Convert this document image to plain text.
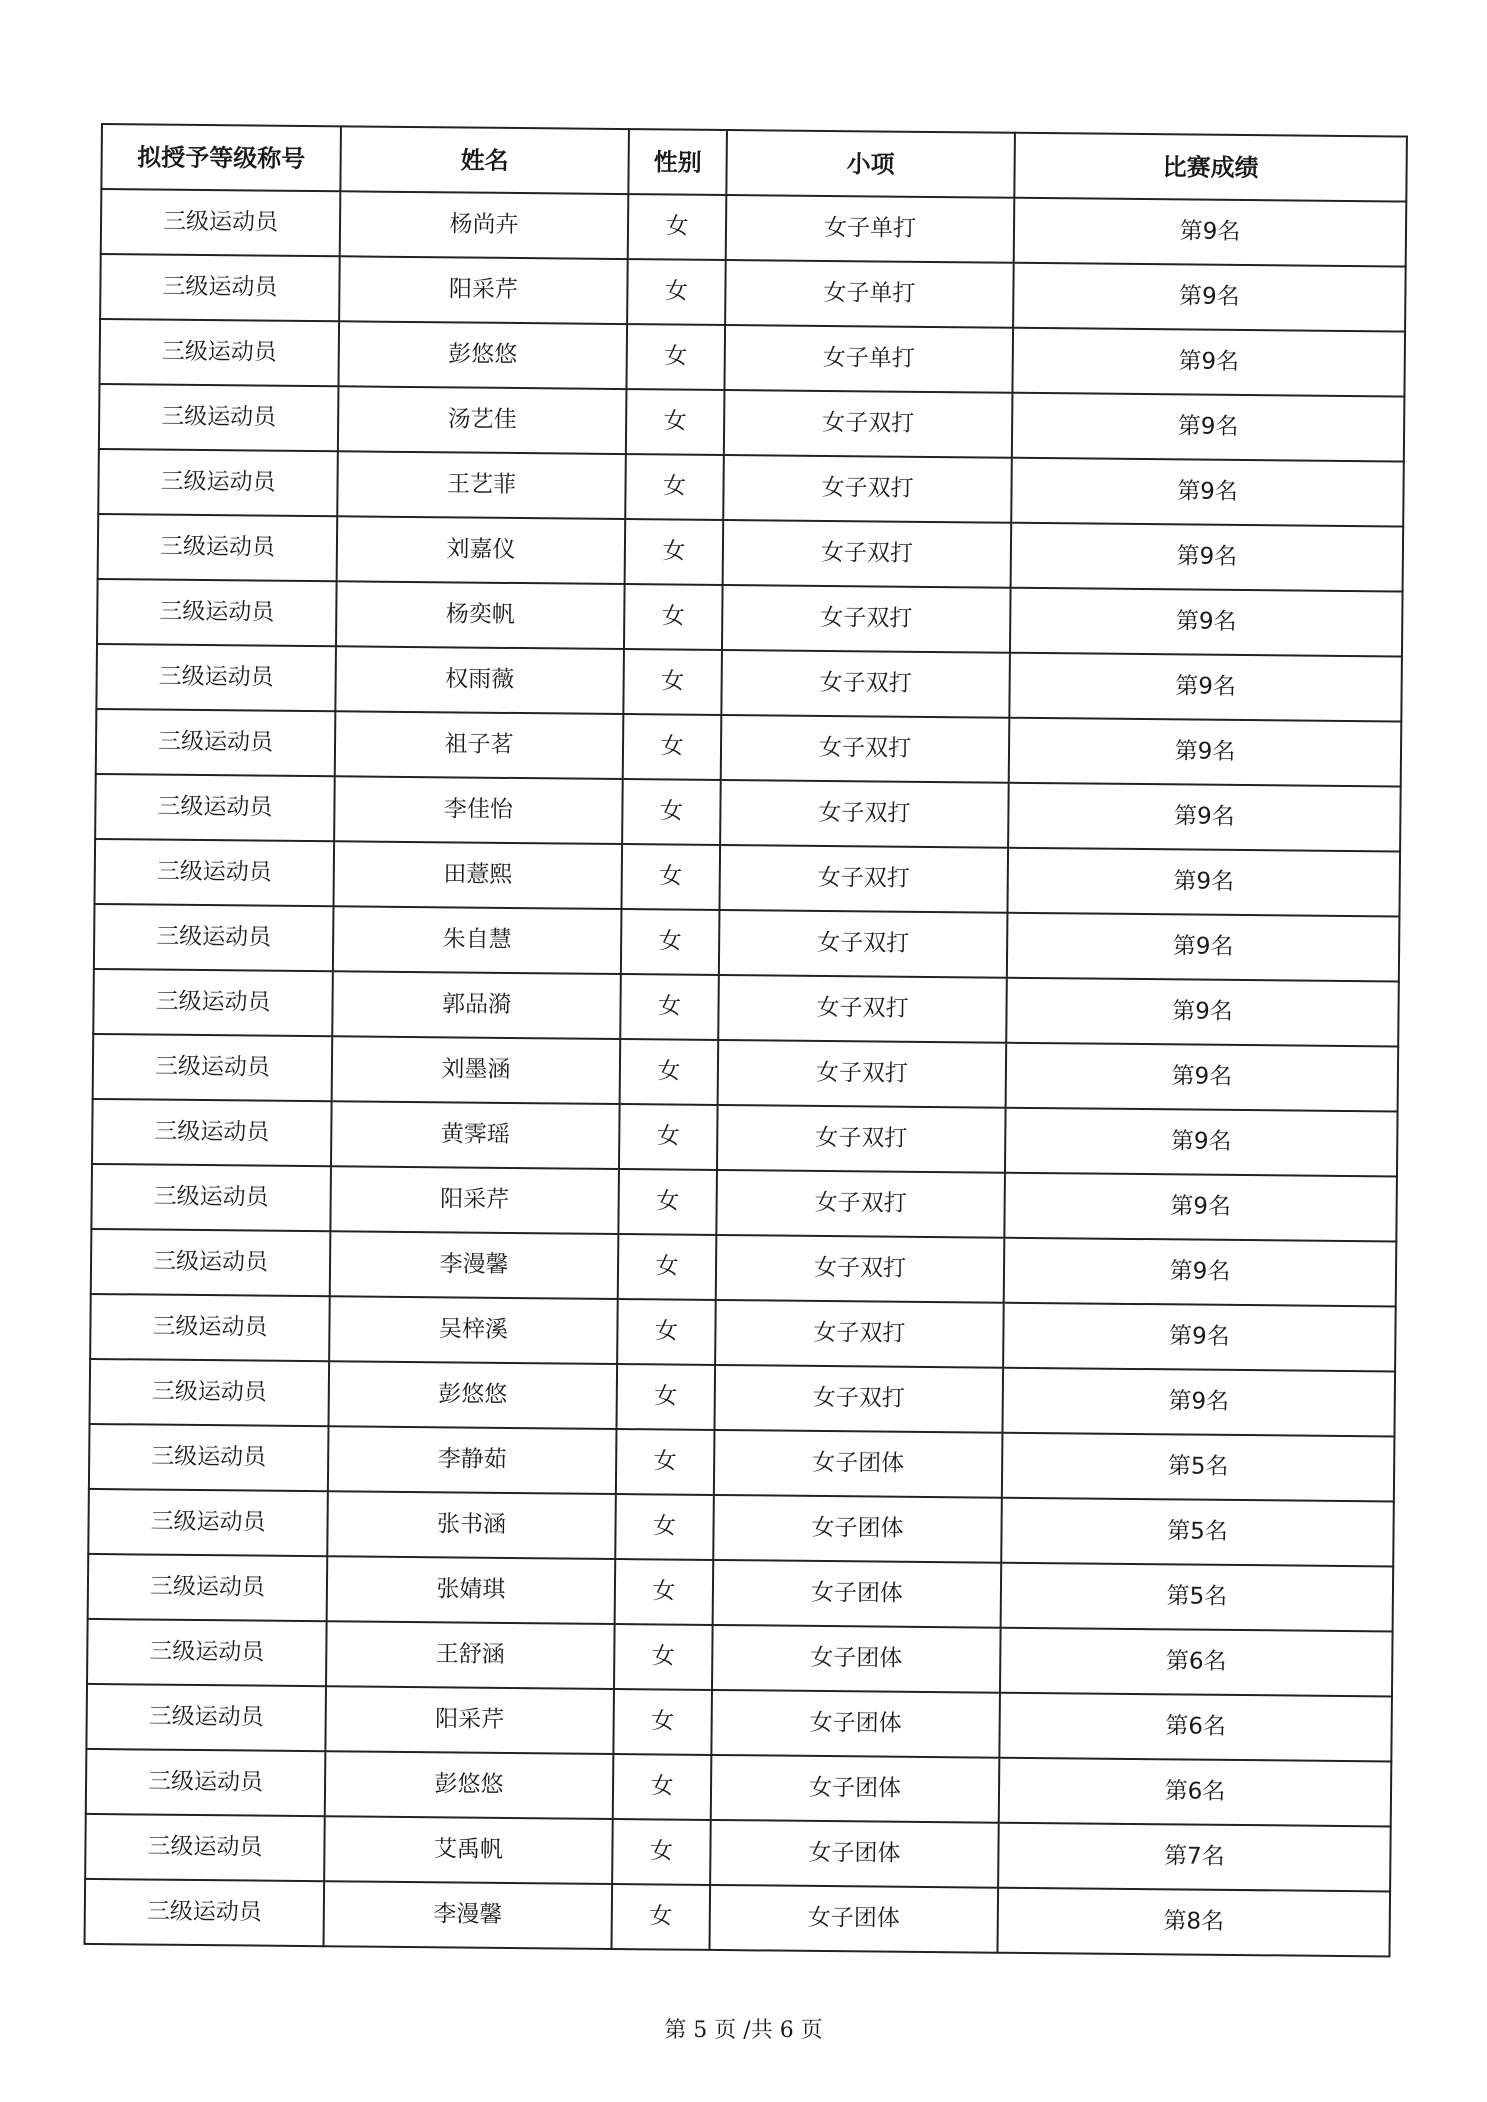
拟授予等级称号	姓名	性别	小项	比赛成绩
三级运动员	杨尚卉	女	女子单打	第9名
三级运动员	阳采芹	女	女子单打	第9名
三级运动员	彭悠悠	女	女子单打	第9名
三级运动员	汤艺佳	女	女子双打	第9名
三级运动员	王艺菲	女	女子双打	第9名
三级运动员	刘嘉仪	女	女子双打	第9名
三级运动员	杨奕帆	女	女子双打	第9名
三级运动员	权雨薇	女	女子双打	第9名
三级运动员	祖子茗	女	女子双打	第9名
三级运动员	李佳怡	女	女子双打	第9名
三级运动员	田薏熙	女	女子双打	第9名
三级运动员	朱自慧	女	女子双打	第9名
三级运动员	郭品漪	女	女子双打	第9名
三级运动员	刘墨涵	女	女子双打	第9名
三级运动员	黄霁瑶	女	女子双打	第9名
三级运动员	阳采芹	女	女子双打	第9名
三级运动员	李漫馨	女	女子双打	第9名
三级运动员	吴梓溪	女	女子双打	第9名
三级运动员	彭悠悠	女	女子双打	第9名
三级运动员	李静茹	女	女子团体	第5名
三级运动员	张书涵	女	女子团体	第5名
三级运动员	张婧琪	女	女子团体	第5名
三级运动员	王舒涵	女	女子团体	第6名
三级运动员	阳采芹	女	女子团体	第6名
三级运动员	彭悠悠	女	女子团体	第6名
三级运动员	艾禹帆	女	女子团体	第7名
三级运动员	李漫馨	女	女子团体	第8名
第 5 页 /共 6 页
